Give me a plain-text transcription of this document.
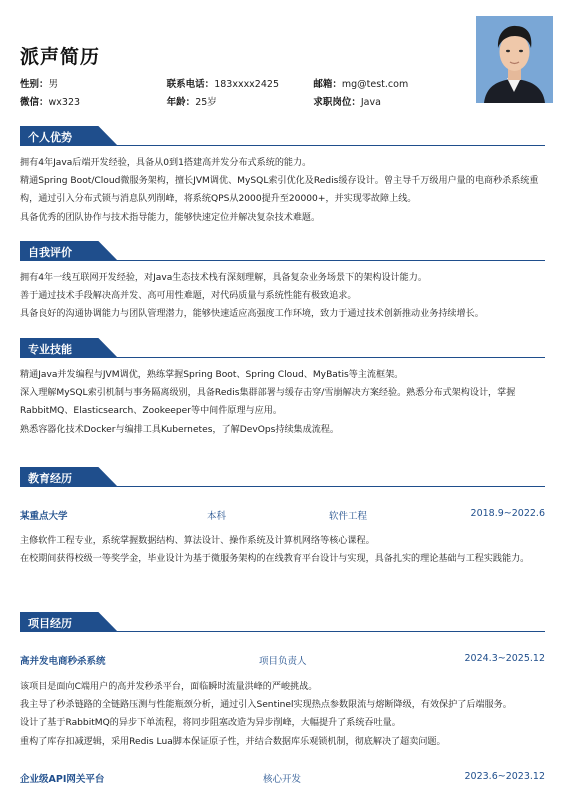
派声简历
性别：男	联系电话：183xxxx2425	邮箱：mg@test.com
微信：wx323	年龄：25岁	求职岗位：Java
个人优势

拥有4年Java后端开发经验，具备从0到1搭建高并发分布式系统的能力。

精通Spring Boot/Cloud微服务架构，擅长JVM调优、MySQL索引优化及Redis缓存设计。曾主导千万级用户量的电商秒杀系统重构，通过引入分布式锁与消息队列削峰，将系统QPS从2000提升至20000+，并实现零故障上线。

具备优秀的团队协作与技术指导能力，能够快速定位并解决复杂技术难题。

自我评价

拥有4年一线互联网开发经验，对Java生态技术栈有深刻理解，具备复杂业务场景下的架构设计能力。

善于通过技术手段解决高并发、高可用性难题，对代码质量与系统性能有极致追求。

具备良好的沟通协调能力与团队管理潜力，能够快速适应高强度工作环境，致力于通过技术创新推动业务持续增长。

专业技能

精通Java并发编程与JVM调优，熟练掌握Spring Boot、Spring Cloud、MyBatis等主流框架。

深入理解MySQL索引机制与事务隔离级别，具备Redis集群部署与缓存击穿/雪崩解决方案经验。熟悉分布式架构设计，掌握RabbitMQ、Elasticsearch、Zookeeper等中间件原理与应用。

熟悉容器化技术Docker与编排工具Kubernetes，了解DevOps持续集成流程。

教育经历
某重点大学	本科	软件工程	2018.9~2022.6

主修软件工程专业，系统掌握数据结构、算法设计、操作系统及计算机网络等核心课程。

在校期间获得校级一等奖学金，毕业设计为基于微服务架构的在线教育平台设计与实现，具备扎实的理论基础与工程实践能力。

项目经历
高并发电商秒杀系统	项目负责人	2024.3~2025.12

该项目是面向C端用户的高并发秒杀平台，面临瞬时流量洪峰的严峻挑战。

我主导了秒杀链路的全链路压测与性能瓶颈分析，通过引入Sentinel实现热点参数限流与熔断降级，有效保护了后端服务。

设计了基于RabbitMQ的异步下单流程，将同步阻塞改造为异步削峰，大幅提升了系统吞吐量。

重构了库存扣减逻辑，采用Redis Lua脚本保证原子性，并结合数据库乐观锁机制，彻底解决了超卖问题。

企业级API网关平台	核心开发	2023.6~2023.12
